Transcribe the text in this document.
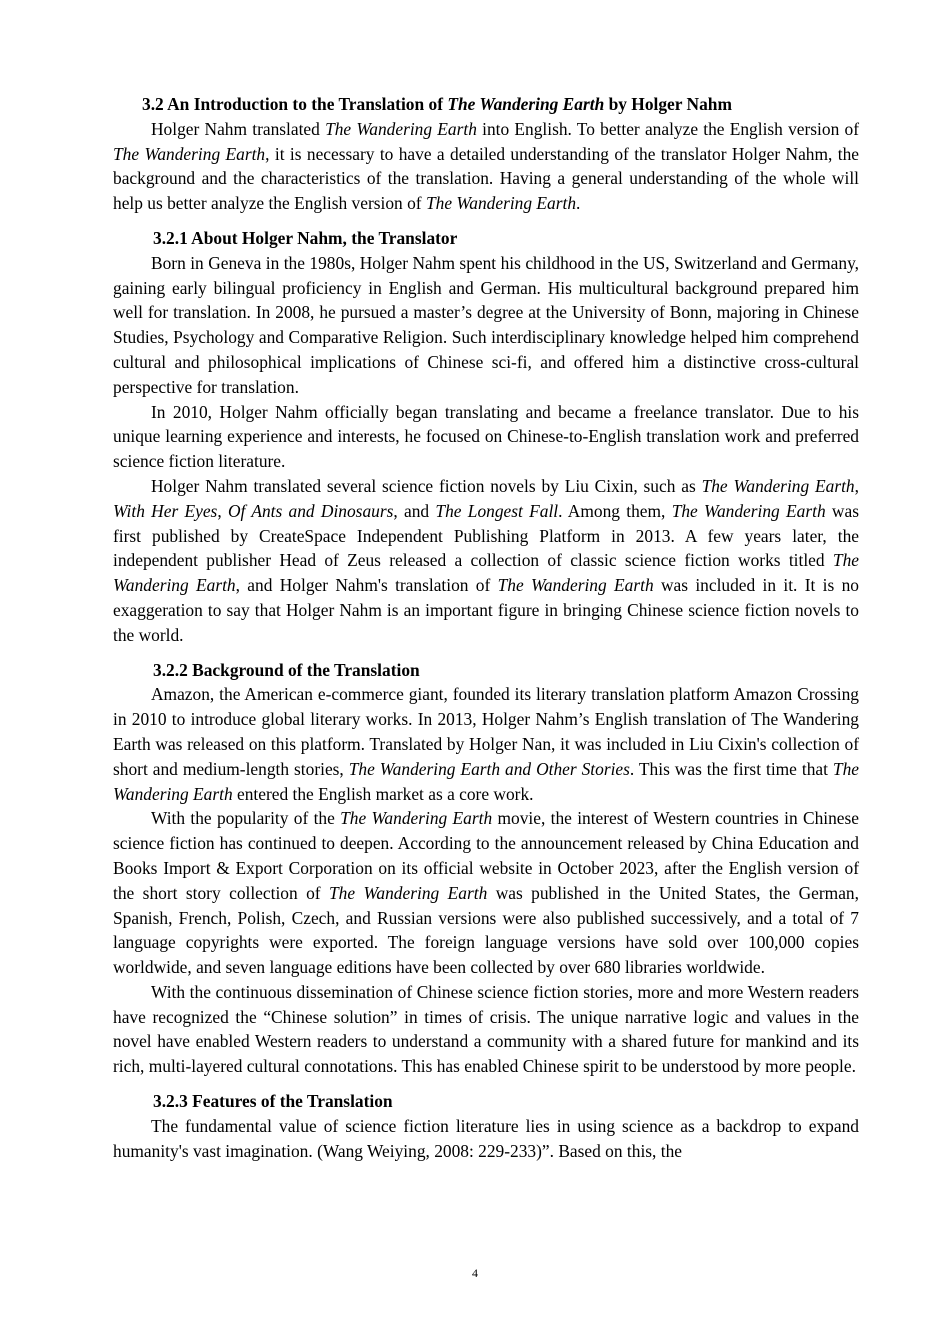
3.2 An Introduction to the Translation of The Wandering Earth by Holger Nahm

Holger Nahm translated The Wandering Earth into English. To better analyze the English version of The Wandering Earth, it is necessary to have a detailed understanding of the translator Holger Nahm, the background and the characteristics of the translation. Having a general understanding of the whole will help us better analyze the English version of The Wandering Earth.

3.2.1 About Holger Nahm, the Translator

Born in Geneva in the 1980s, Holger Nahm spent his childhood in the US, Switzerland and Germany, gaining early bilingual proficiency in English and German. His multicultural background prepared him well for translation. In 2008, he pursued a master’s degree at the University of Bonn, majoring in Chinese Studies, Psychology and Comparative Religion. Such interdisciplinary knowledge helped him comprehend cultural and philosophical implications of Chinese sci-fi, and offered him a distinctive cross-cultural perspective for translation.

In 2010, Holger Nahm officially began translating and became a freelance translator. Due to his unique learning experience and interests, he focused on Chinese-to-English translation work and preferred science fiction literature.

Holger Nahm translated several science fiction novels by Liu Cixin, such as The Wandering Earth, With Her Eyes, Of Ants and Dinosaurs, and The Longest Fall. Among them, The Wandering Earth was first published by CreateSpace Independent Publishing Platform in 2013. A few years later, the independent publisher Head of Zeus released a collection of classic science fiction works titled The Wandering Earth, and Holger Nahm's translation of The Wandering Earth was included in it. It is no exaggeration to say that Holger Nahm is an important figure in bringing Chinese science fiction novels to the world.

3.2.2 Background of the Translation

Amazon, the American e-commerce giant, founded its literary translation platform Amazon Crossing in 2010 to introduce global literary works. In 2013, Holger Nahm’s English translation of The Wandering Earth was released on this platform. Translated by Holger Nan, it was included in Liu Cixin's collection of short and medium-length stories, The Wandering Earth and Other Stories. This was the first time that The Wandering Earth entered the English market as a core work.

With the popularity of the The Wandering Earth movie, the interest of Western countries in Chinese science fiction has continued to deepen. According to the announcement released by China Education and Books Import & Export Corporation on its official website in October 2023, after the English version of the short story collection of The Wandering Earth was published in the United States, the German, Spanish, French, Polish, Czech, and Russian versions were also published successively, and a total of 7 language copyrights were exported. The foreign language versions have sold over 100,000 copies worldwide, and seven language editions have been collected by over 680 libraries worldwide.

With the continuous dissemination of Chinese science fiction stories, more and more Western readers have recognized the “Chinese solution” in times of crisis. The unique narrative logic and values in the novel have enabled Western readers to understand a community with a shared future for mankind and its rich, multi-layered cultural connotations. This has enabled Chinese spirit to be understood by more people.

3.2.3 Features of the Translation

The fundamental value of science fiction literature lies in using science as a backdrop to expand humanity's vast imagination. (Wang Weiying, 2008: 229-233)”. Based on this, the

4
